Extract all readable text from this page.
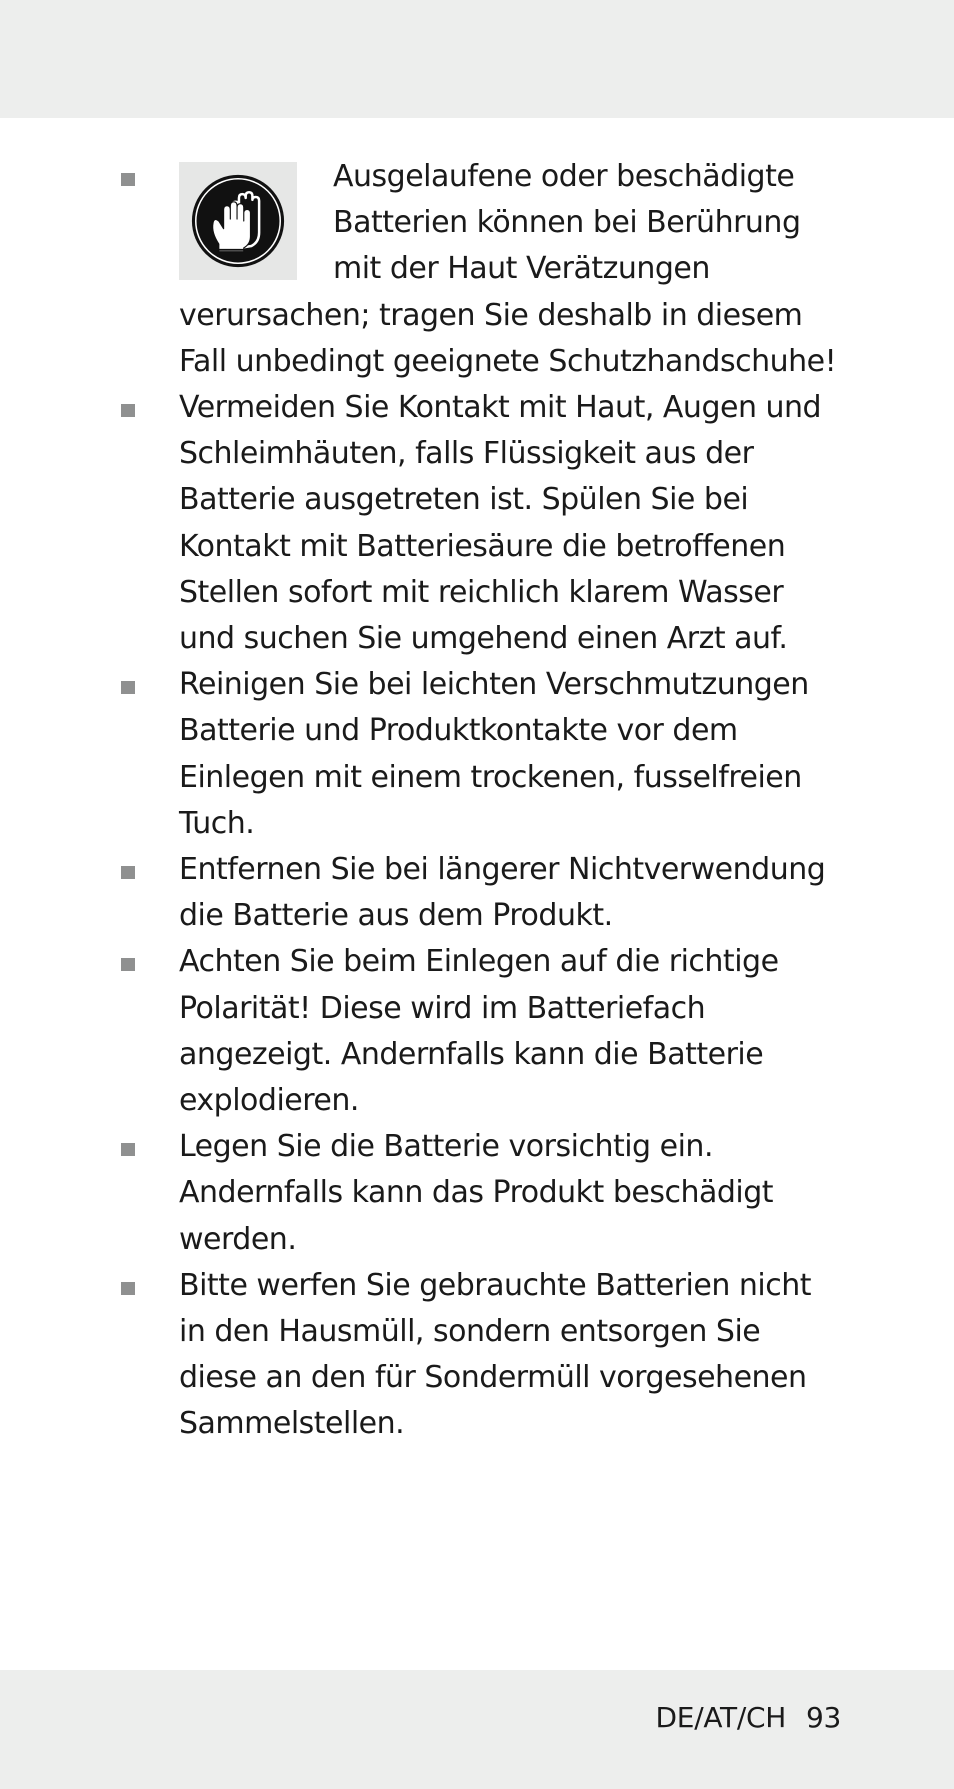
Ausgelaufene oder beschädigte Batterien können bei Berührung mit der Haut Verätzungen verursachen; tragen Sie deshalb in diesem Fall unbedingt geeignete Schutzhandschuhe!
Vermeiden Sie Kontakt mit Haut, Augen und Schleimhäuten, falls Flüssigkeit aus der Batterie ausgetreten ist. Spülen Sie bei Kontakt mit Batteriesäure die betroffenen Stellen sofort mit reichlich klarem Wasser und suchen Sie umgehend einen Arzt auf.
Reinigen Sie bei leichten Verschmutzungen Batterie und Produktkontakte vor dem Einlegen mit einem trockenen, fusselfreien Tuch.
Entfernen Sie bei längerer Nichtverwendung die Batterie aus dem Produkt.
Achten Sie beim Einlegen auf die richtige Polarität! Diese wird im Batteriefach angezeigt. Andernfalls kann die Batterie explodieren.
Legen Sie die Batterie vorsichtig ein. Andernfalls kann das Produkt beschädigt werden.
Bitte werfen Sie gebrauchte Batterien nicht in den Hausmüll, sondern entsorgen Sie diese an den für Sondermüll vorgesehenen Sammelstellen.
DE/AT/CH 93
